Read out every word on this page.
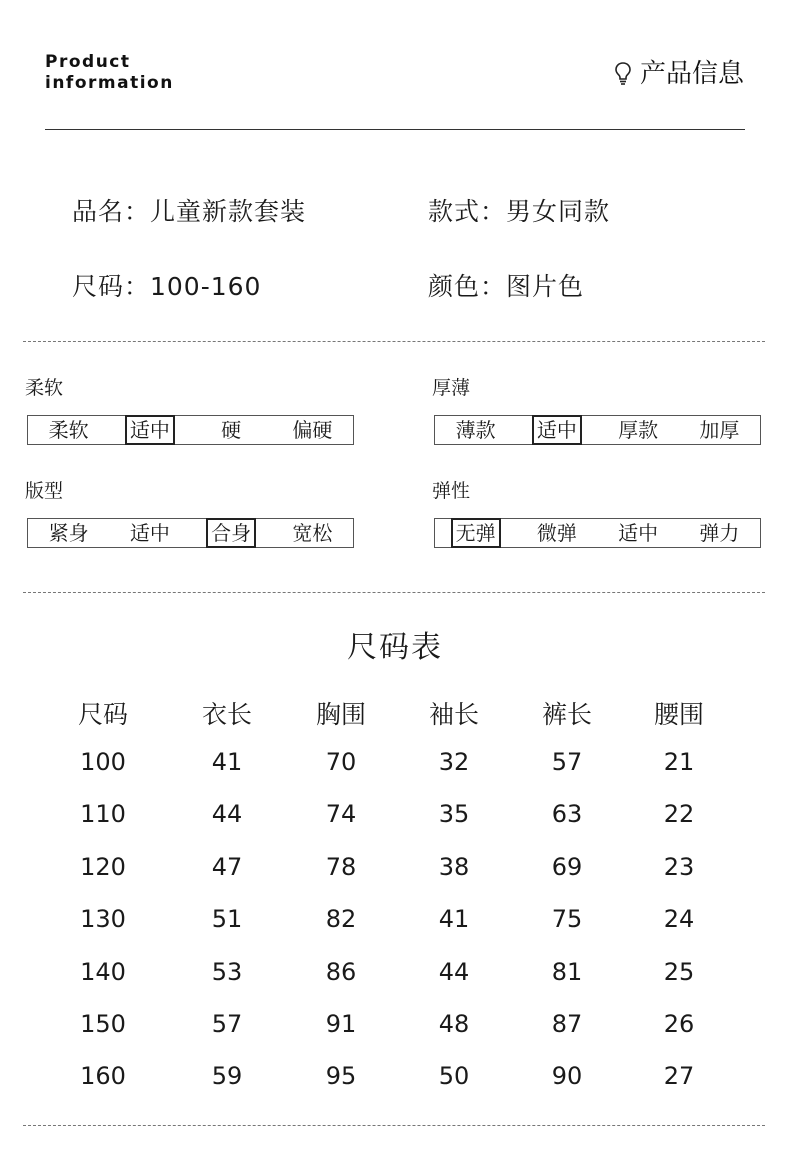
Product
information	产品信息
品名：儿童新款套装	款式：男女同款
尺码：100-160	颜色：图片色
柔软
柔软 适中	硬	偏硬
厚薄
薄款 适中 厚款 加厚
版型
紧身 适中 合身 宽松
弹性
无弹 微弹 适中 弹力
尺码表
尺码	衣长	胸围	袖长	裤长	腰围
100	41	70	32	57	21
110	44	74	35	63	22
120	47	78	38	69	23
130	51	82	41	75	24
140	53	86	44	81	25
150	57	91	48	87	26
160	59	95	50	90	27
